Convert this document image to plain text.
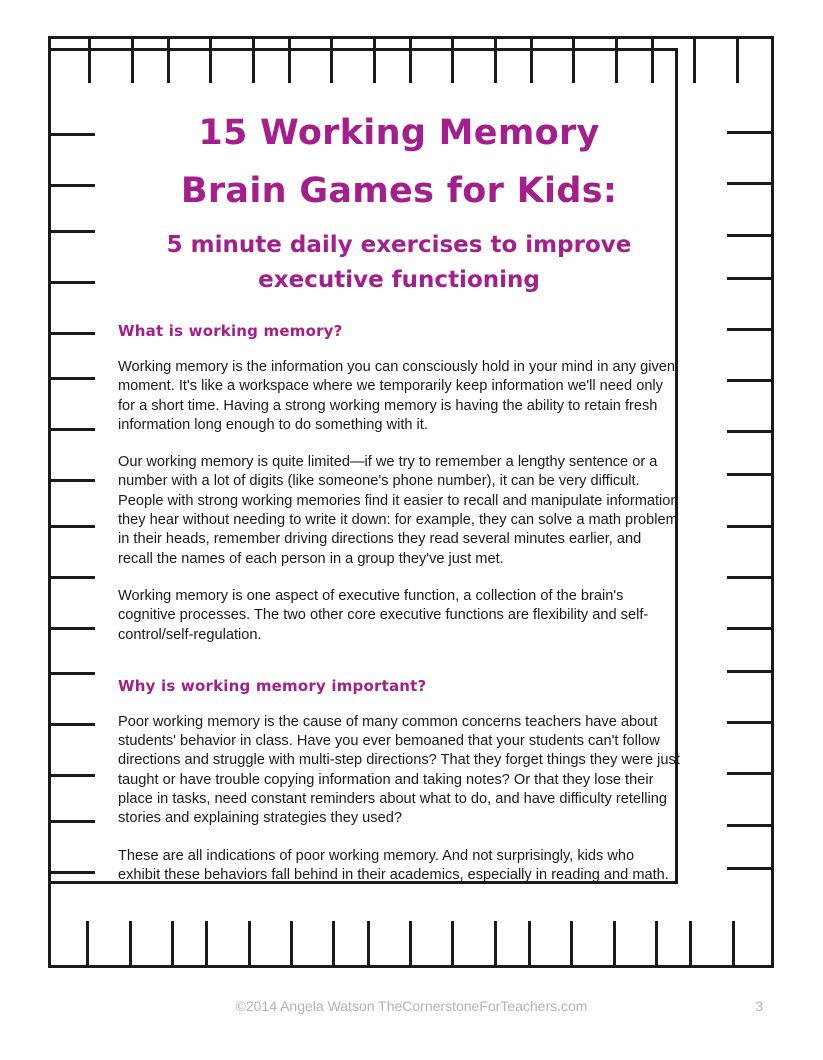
15 Working Memory

Brain Games for Kids:

5 minute daily exercises to improve

executive functioning

What is working memory?

Working memory is the information you can consciously hold in your mind in any given moment. It's like a workspace where we temporarily keep information we'll need only for a short time. Having a strong working memory is having the ability to retain fresh information long enough to do something with it.

Our working memory is quite limited—if we try to remember a lengthy sentence or a number with a lot of digits (like someone's phone number), it can be very difficult. People with strong working memories find it easier to recall and manipulate information they hear without needing to write it down: for example, they can solve a math problem in their heads, remember driving directions they read several minutes earlier, and recall the names of each person in a group they've just met.

Working memory is one aspect of executive function, a collection of the brain's cognitive processes. The two other core executive functions are flexibility and self-control/self-regulation.

Why is working memory important?

Poor working memory is the cause of many common concerns teachers have about students' behavior in class. Have you ever bemoaned that your students can't follow directions and struggle with multi-step directions? That they forget things they were just taught or have trouble copying information and taking notes? Or that they lose their place in tasks, need constant reminders about what to do, and have difficulty retelling stories and explaining strategies they used?

These are all indications of poor working memory. And not surprisingly, kids who exhibit these behaviors fall behind in their academics, especially in reading and math.

©2014 Angela Watson TheCornerstoneForTeachers.com	3
